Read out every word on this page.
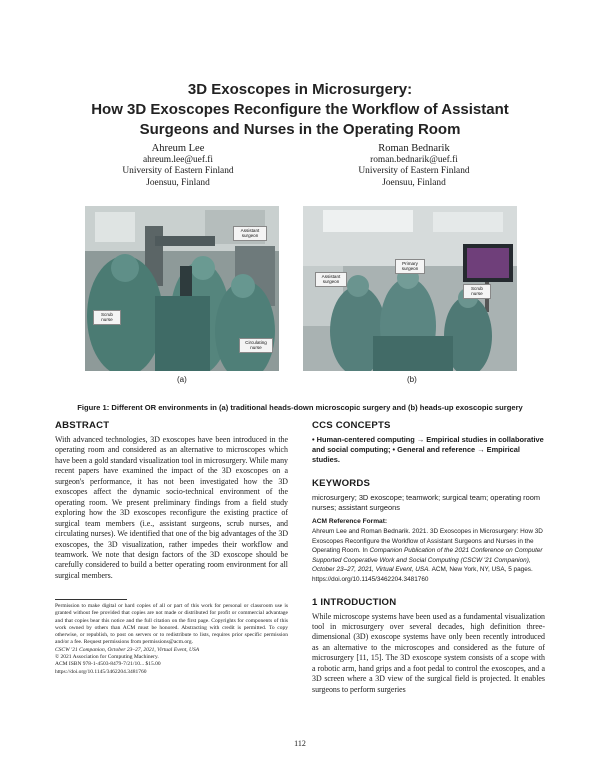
3D Exoscopes in Microsurgery:
How 3D Exoscopes Reconfigure the Workflow of Assistant
Surgeons and Nurses in the Operating Room
Ahreum Lee
ahreum.lee@uef.fi
University of Eastern Finland
Joensuu, Finland
Roman Bednarik
roman.bednarik@uef.fi
University of Eastern Finland
Joensuu, Finland
Assistant surgeon
Scrub nurse
Circulating nurse
Primary surgeon
Assistant surgeon
Scrub nurse
(a)	(b)
Figure 1: Different OR environments in (a) traditional heads-down microscopic surgery and (b) heads-up exoscopic surgery
ABSTRACT

With advanced technologies, 3D exoscopes have been introduced in the operating room and considered as an alternative to microscopes which have been a gold standard visualization tool in microsurgery. While many recent papers have examined the impact of the 3D exoscopes on a surgeon's performance, it has not been investigated how the 3D exoscopes affect the dynamic socio-technical environment of the operating room. We present preliminary findings from a field study exploring how the 3D exoscopes reconfigure the existing practice of surgical team members (i.e., assistant surgeons, scrub nurses, and circulating nurses). We identified that one of the big advantages of the 3D exoscopes, the 3D visualization, rather impedes their workflow and teamwork. We note that design factors of the 3D exoscope should be carefully considered to build a better operating room environment for all surgical members.

Permission to make digital or hard copies of all or part of this work for personal or classroom use is granted without fee provided that copies are not made or distributed for profit or commercial advantage and that copies bear this notice and the full citation on the first page. Copyrights for components of this work owned by others than ACM must be honored. Abstracting with credit is permitted. To copy otherwise, or republish, to post on servers or to redistribute to lists, requires prior specific permission and/or a fee. Request permissions from permissions@acm.org.
CSCW '21 Companion, October 23–27, 2021, Virtual Event, USA
© 2021 Association for Computing Machinery.
ACM ISBN 978-1-4503-8479-7/21/10... $15.00
https://doi.org/10.1145/3462204.3481760
CCS CONCEPTS

• Human-centered computing → Empirical studies in collaborative and social computing; • General and reference → Empirical studies.

KEYWORDS

microsurgery; 3D exoscope; teamwork; surgical team; operating room nurses; assistant surgeons

ACM Reference Format:

Ahreum Lee and Roman Bednarik. 2021. 3D Exoscopes in Microsurgery: How 3D Exoscopes Reconfigure the Workflow of Assistant Surgeons and Nurses in the Operating Room. In Companion Publication of the 2021 Conference on Computer Supported Cooperative Work and Social Computing (CSCW '21 Companion), October 23–27, 2021, Virtual Event, USA. ACM, New York, NY, USA, 5 pages. https://doi.org/10.1145/3462204.3481760

1 INTRODUCTION

While microscope systems have been used as a fundamental visualization tool in microsurgery over several decades, high definition three-dimensional (3D) exoscope systems have only been recently introduced as an alternative to the microscopes and considered as the future of microsurgery [11, 15]. The 3D exoscope system consists of a scope with a robotic arm, hand grips and a foot pedal to control the exoscopes, and a 3D screen where a 3D view of the surgical field is projected. It enables surgeons to perform surgeries

112
